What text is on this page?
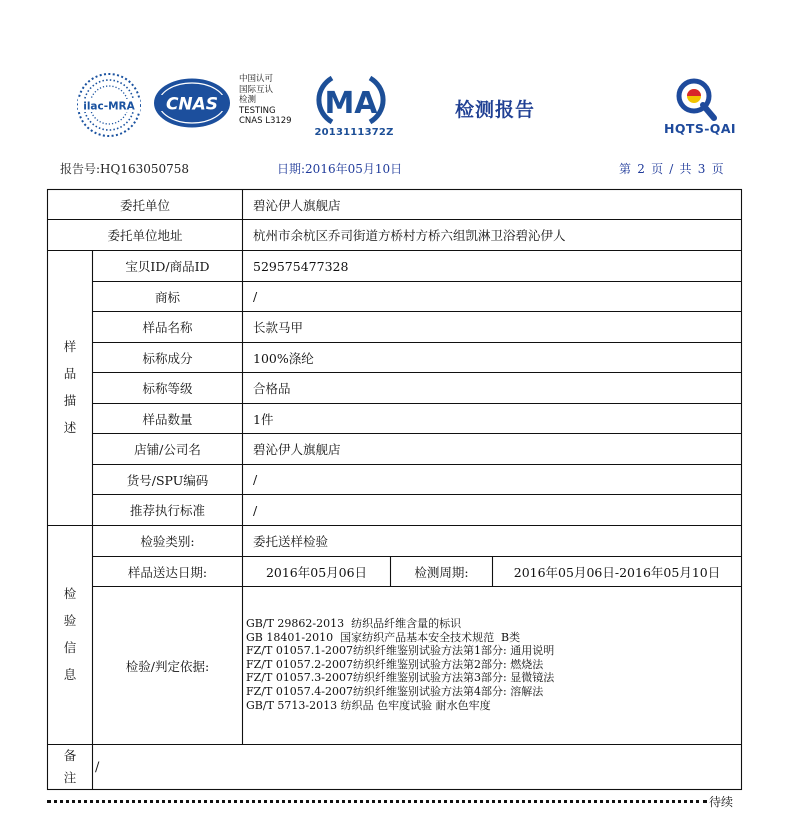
ilac-MRA CNAS
中国认可
国际互认
检测
TESTING
CNAS L3129
MA
2013111372Z
检测报告
HQTS-QAI
报告号:HQ163050758	日期:2016年05月10日	第 2 页 / 共 3 页
委托单位	碧沁伊人旗舰店
委托单位地址	杭州市余杭区乔司街道方桥村方桥六组凯淋卫浴碧沁伊人
样
品
描
述
宝贝ID/商品ID	529575477328
商标	/
样品名称	长款马甲
标称成分	100%涤纶
标称等级	合格品
样品数量	1件
店铺/公司名	碧沁伊人旗舰店
货号/SPU编码	/
推荐执行标准	/
检
验
信
息
检验类别:	委托送样检验
样品送达日期:	2016年05月06日	检测周期:	2016年05月06日-2016年05月10日
检验/判定依据:
GB/T 29862-2013  纺织品纤维含量的标识
GB 18401-2010  国家纺织产品基本安全技术规范  B类
FZ/T 01057.1-2007纺织纤维鉴别试验方法第1部分: 通用说明
FZ/T 01057.2-2007纺织纤维鉴别试验方法第2部分: 燃烧法
FZ/T 01057.3-2007纺织纤维鉴别试验方法第3部分: 显微镜法
FZ/T 01057.4-2007纺织纤维鉴别试验方法第4部分: 溶解法
GB/T 5713-2013 纺织品 色牢度试验 耐水色牢度
备
注
/
待续
